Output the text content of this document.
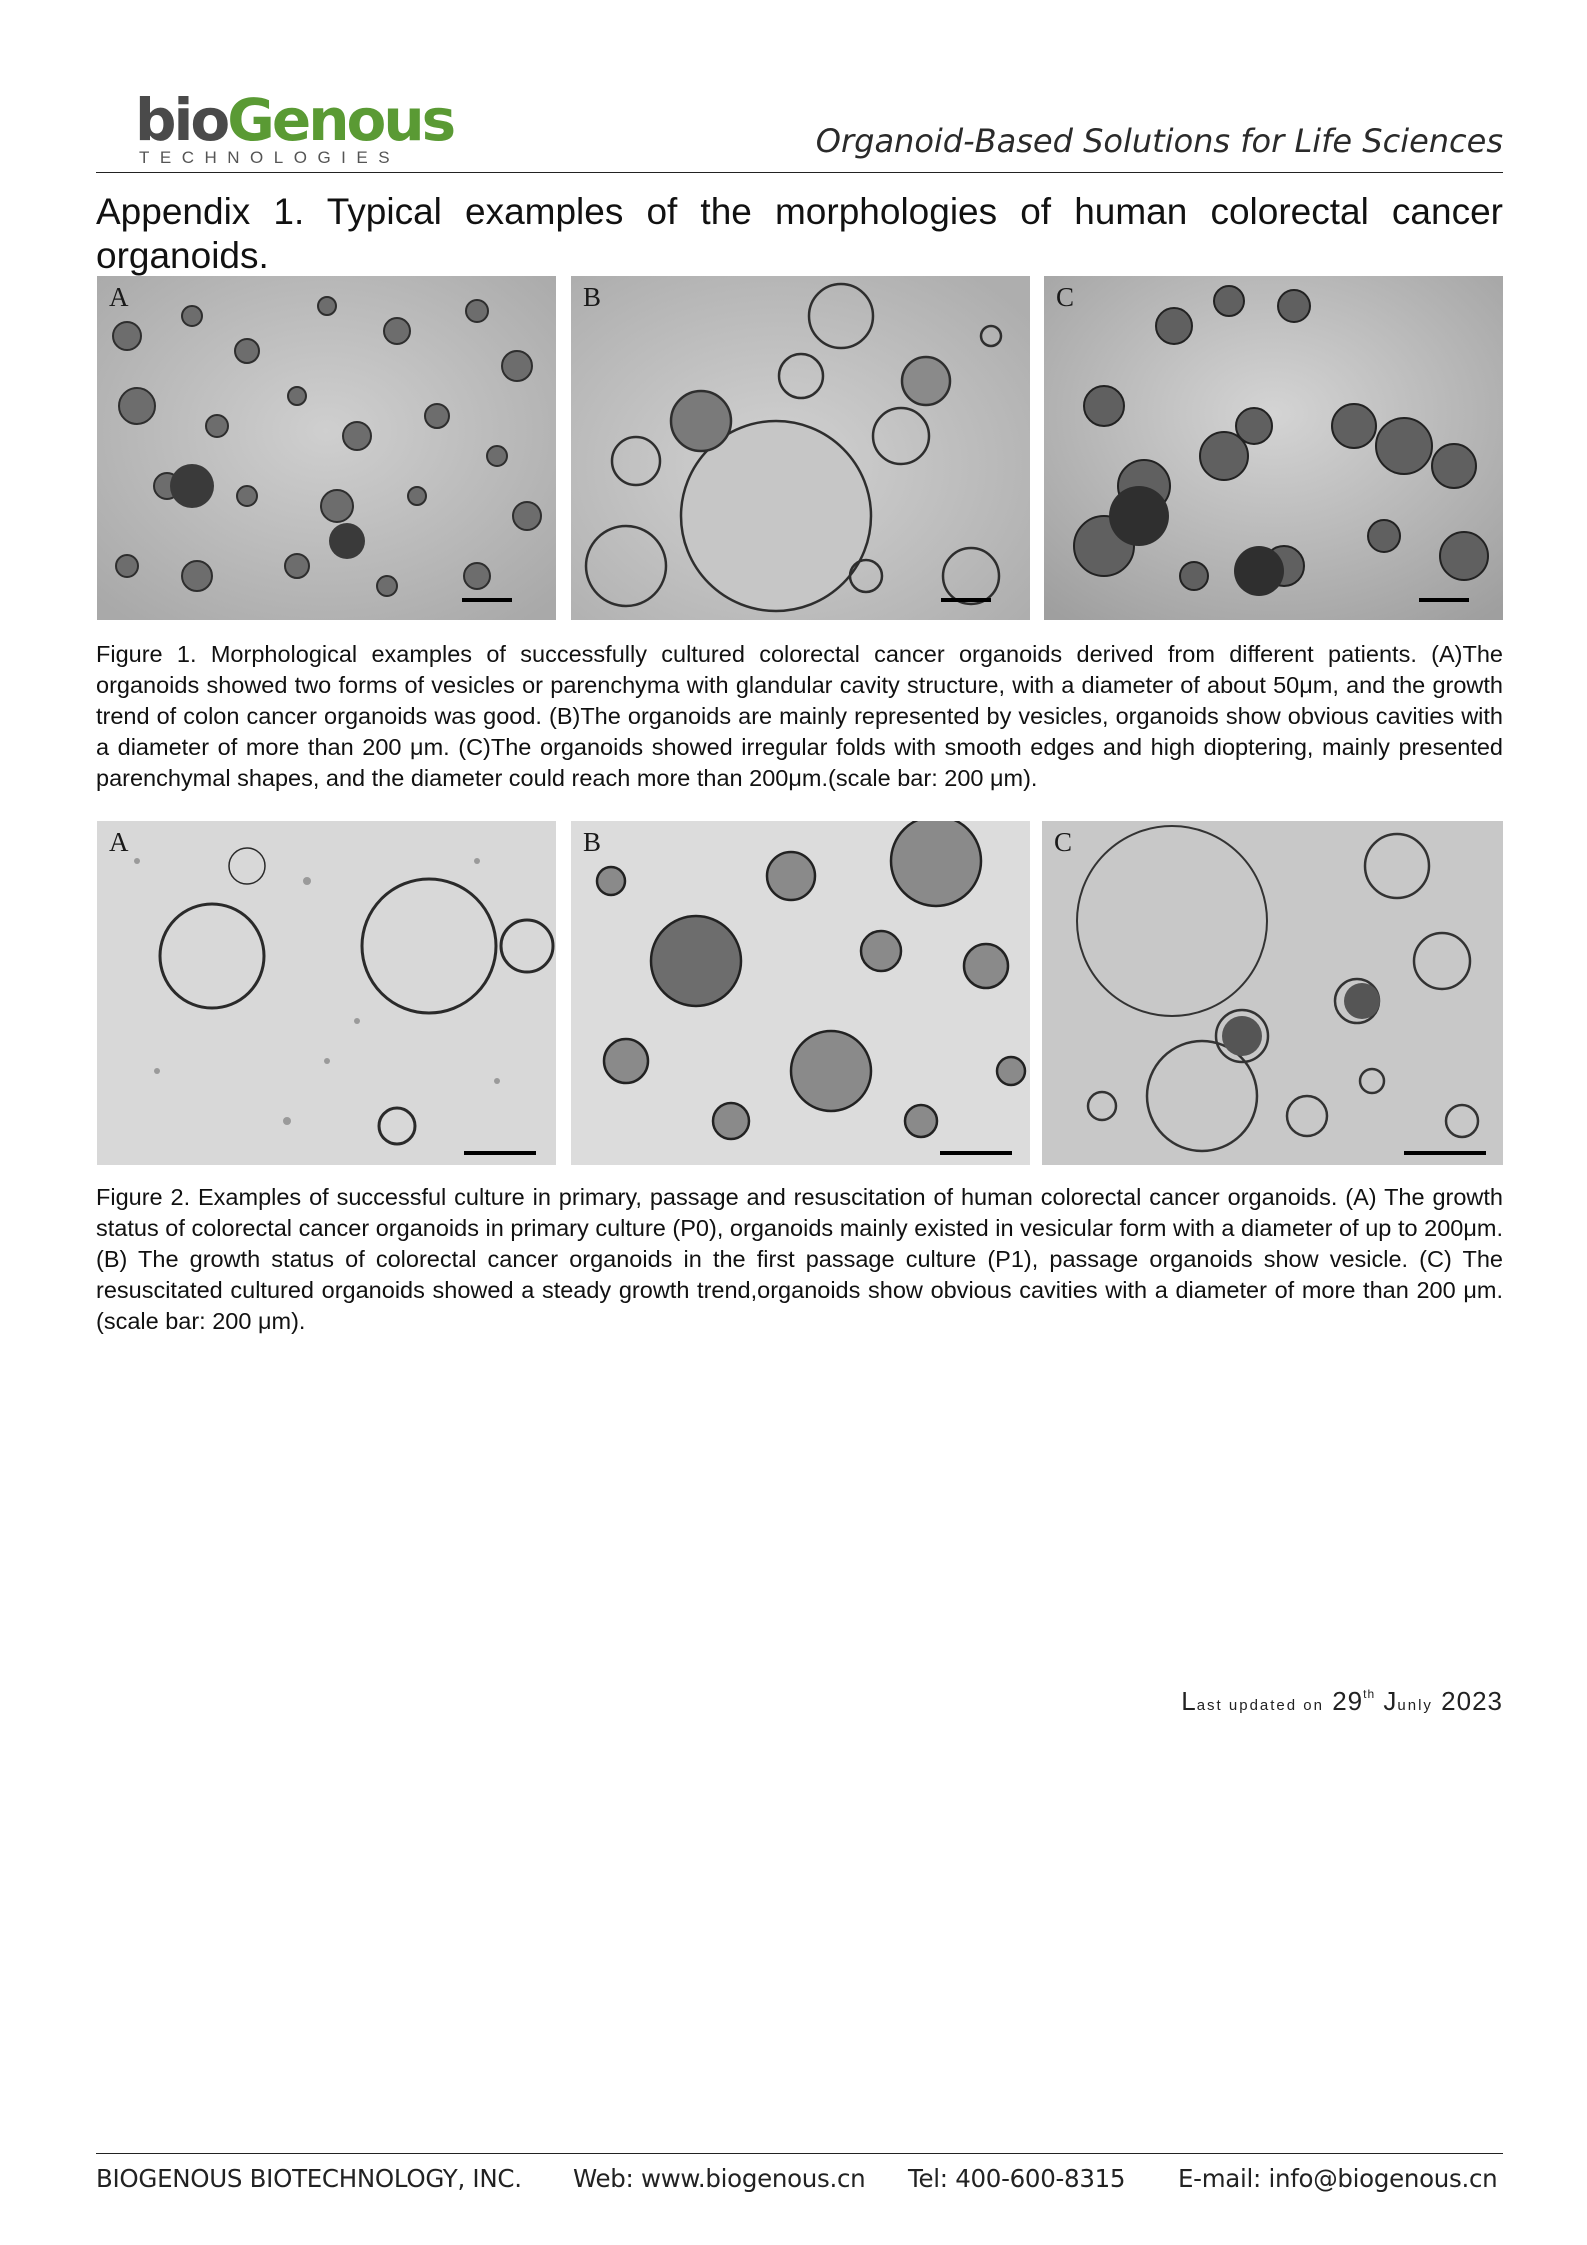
bioGenous
TECHNOLOGIES	Organoid-Based Solutions for Life Sciences
Appendix 1. Typical examples of the morphologies of human colorectal cancer organoids.
A	B	C

Figure 1. Morphological examples of successfully cultured colorectal cancer organoids derived from different patients. (A)The organoids showed two forms of vesicles or parenchyma with glandular cavity structure, with a diameter of about 50μm, and the growth trend of colon cancer organoids was good. (B)The organoids are mainly represented by vesicles, organoids show obvious cavities with a diameter of more than 200 μm. (C)The organoids showed irregular folds with smooth edges and high dioptering, mainly presented parenchymal shapes, and the diameter could reach more than 200μm.(scale bar: 200 μm).

A	B	C

Figure 2. Examples of successful culture in primary, passage and resuscitation of human colorectal cancer organoids. (A) The growth status of colorectal cancer organoids in primary culture (P0), organoids mainly existed in vesicular form with a diameter of up to 200μm. (B) The growth status of colorectal cancer organoids in the first passage culture (P1), passage organoids show vesicle. (C) The resuscitated cultured organoids showed a steady growth trend,organoids show obvious cavities with a diameter of more than 200 μm.(scale bar: 200 μm).

Last updated on 29th Junly 2023
BIOGENOUS BIOTECHNOLOGY, INC. Web: www.biogenous.cn Tel: 400-600-8315 E-mail: info@biogenous.cn
